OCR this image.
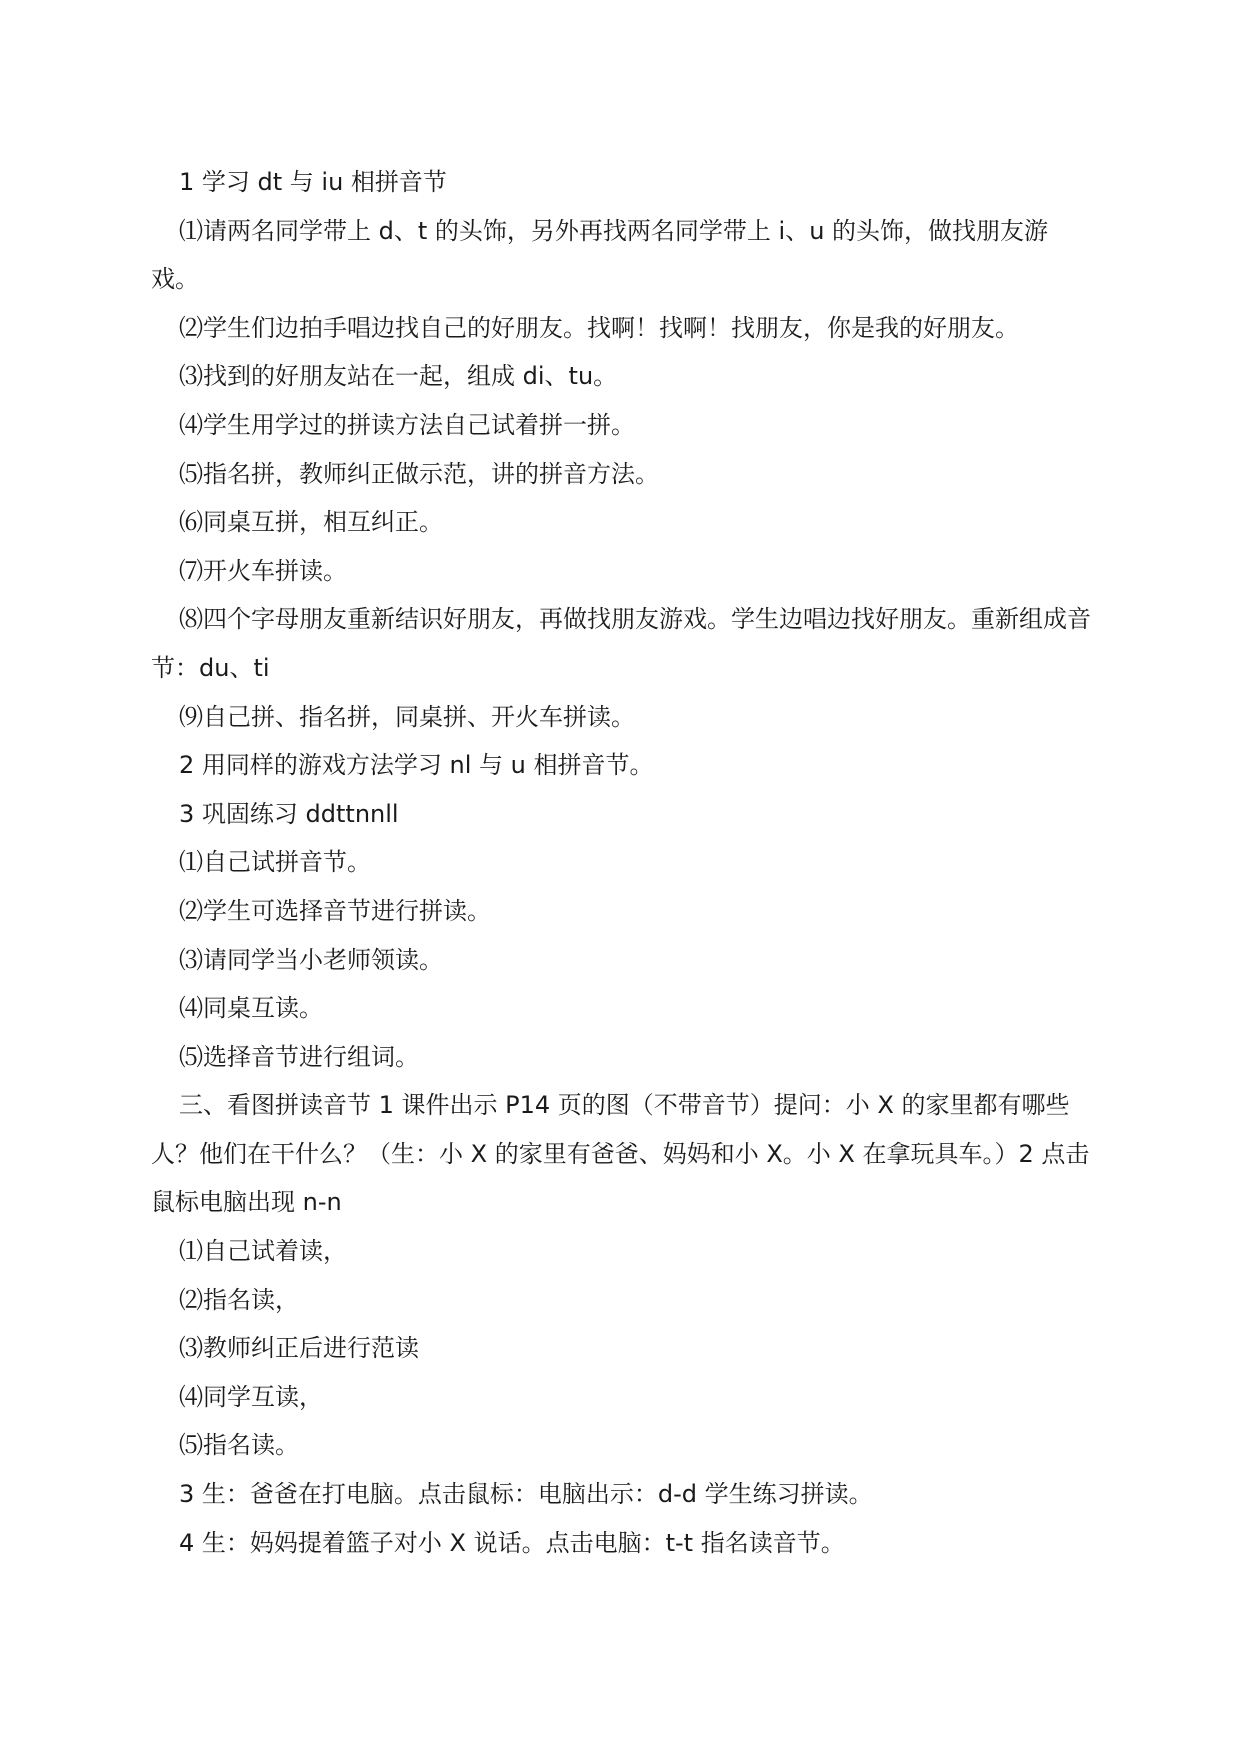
1 学习 dt 与 iu 相拼音节

⑴请两名同学带上 d、t 的头饰，另外再找两名同学带上 i、u 的头饰，做找朋友游戏。

⑵学生们边拍手唱边找自己的好朋友。找啊！找啊！找朋友，你是我的好朋友。

⑶找到的好朋友站在一起，组成 di、tu。

⑷学生用学过的拼读方法自己试着拼一拼。

⑸指名拼，教师纠正做示范，讲的拼音方法。

⑹同桌互拼，相互纠正。

⑺开火车拼读。

⑻四个字母朋友重新结识好朋友，再做找朋友游戏。学生边唱边找好朋友。重新组成音节：du、ti

⑼自己拼、指名拼，同桌拼、开火车拼读。

2 用同样的游戏方法学习 nl 与 u 相拼音节。

3 巩固练习 ddttnnll

⑴自己试拼音节。

⑵学生可选择音节进行拼读。

⑶请同学当小老师领读。

⑷同桌互读。

⑸选择音节进行组词。

三、看图拼读音节 1 课件出示 P14 页的图（不带音节）提问：小 X 的家里都有哪些人？他们在干什么？（生：小 X 的家里有爸爸、妈妈和小 X。小 X 在拿玩具车。）2 点击鼠标电脑出现 n-n

⑴自己试着读，

⑵指名读，

⑶教师纠正后进行范读

⑷同学互读，

⑸指名读。

3 生：爸爸在打电脑。点击鼠标：电脑出示：d-d 学生练习拼读。

4 生：妈妈提着篮子对小 X 说话。点击电脑：t-t 指名读音节。
